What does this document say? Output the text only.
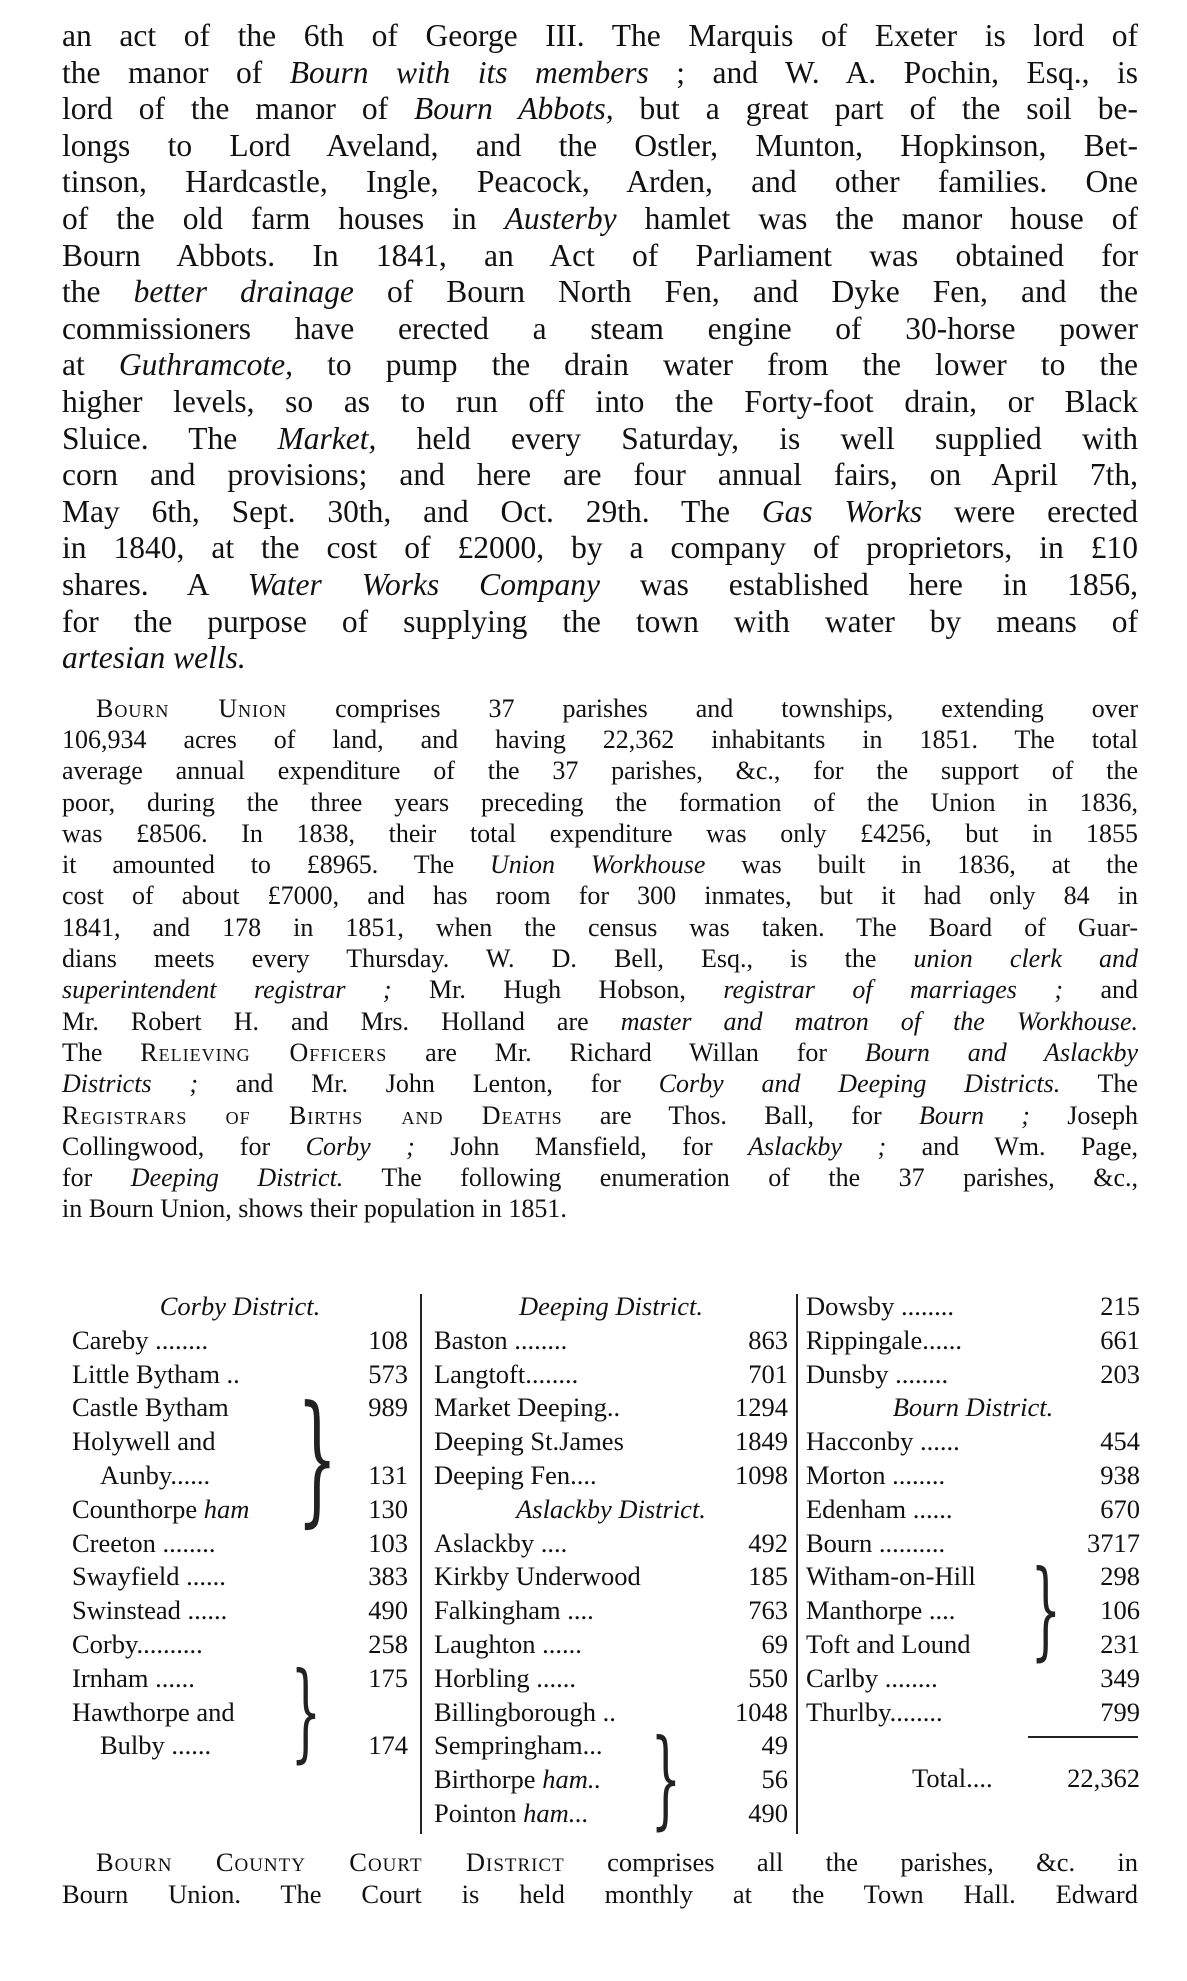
an act of the 6th of George III. The Marquis of Exeter is lord of
the manor of Bourn with its members ; and W. A. Pochin, Esq., is
lord of the manor of Bourn Abbots, but a great part of the soil be-
longs to Lord Aveland, and the Ostler, Munton, Hopkinson, Bet-
tinson, Hardcastle, Ingle, Peacock, Arden, and other families. One
of the old farm houses in Austerby hamlet was the manor house of
Bourn Abbots. In 1841, an Act of Parliament was obtained for
the better drainage of Bourn North Fen, and Dyke Fen, and the
commissioners have erected a steam engine of 30-horse power
at Guthramcote, to pump the drain water from the lower to the
higher levels, so as to run off into the Forty-foot drain, or Black
Sluice. The Market, held every Saturday, is well supplied with
corn and provisions; and here are four annual fairs, on April 7th,
May 6th, Sept. 30th, and Oct. 29th. The Gas Works were erected
in 1840, at the cost of £2000, by a company of proprietors, in £10
shares. A Water Works Company was established here in 1856,
for the purpose of supplying the town with water by means of
artesian wells.
Bourn Union comprises 37 parishes and townships, extending over
106,934 acres of land, and having 22,362 inhabitants in 1851. The total
average annual expenditure of the 37 parishes, &c., for the support of the
poor, during the three years preceding the formation of the Union in 1836,
was £8506. In 1838, their total expenditure was only £4256, but in 1855
it amounted to £8965. The Union Workhouse was built in 1836, at the
cost of about £7000, and has room for 300 inmates, but it had only 84 in
1841, and 178 in 1851, when the census was taken. The Board of Guar-
dians meets every Thursday. W. D. Bell, Esq., is the union clerk and
superintendent registrar ; Mr. Hugh Hobson, registrar of marriages ; and
Mr. Robert H. and Mrs. Holland are master and matron of the Workhouse.
The Relieving Officers are Mr. Richard Willan for Bourn and Aslackby
Districts ; and Mr. John Lenton, for Corby and Deeping Districts. The
Registrars of Births and Deaths are Thos. Ball, for Bourn ; Joseph
Collingwood, for Corby ; John Mansfield, for Aslackby ; and Wm. Page,
for Deeping District. The following enumeration of the 37 parishes, &c.,
in Bourn Union, shows their population in 1851.
Corby District.
Careby ........	108
Little Bytham ..	573
Castle Bytham	989
Holywell and
Aunby......	131
Counthorpe ham	130
Creeton ........	103
Swayfield ......	383
Swinstead ......	490
Corby..........	258
Irnham ......	175
Hawthorpe and
Bulby ......	174
}
}
Deeping District.
Baston ........	863
Langtoft........	701
Market Deeping..	1294
Deeping St.James	1849
Deeping Fen....	1098
Aslackby District.
Aslackby ....	492
Kirkby Underwood	185
Falkingham ....	763
Laughton ......	69
Horbling ......	550
Billingborough ..	1048
Sempringham...	49
Birthorpe ham..	56
Pointon ham...	490
}
Dowsby ........	215
Rippingale......	661
Dunsby ........	203
Bourn District.
Hacconby ......	454
Morton ........	938
Edenham ......	670
Bourn ..........	3717
Witham-on-Hill	298
Manthorpe ....	106
Toft and Lound	231
Carlby ........	349
Thurlby........	799
}
Total....	22,362
Bourn County Court District comprises all the parishes, &c. in
Bourn Union. The Court is held monthly at the Town Hall. Edward
